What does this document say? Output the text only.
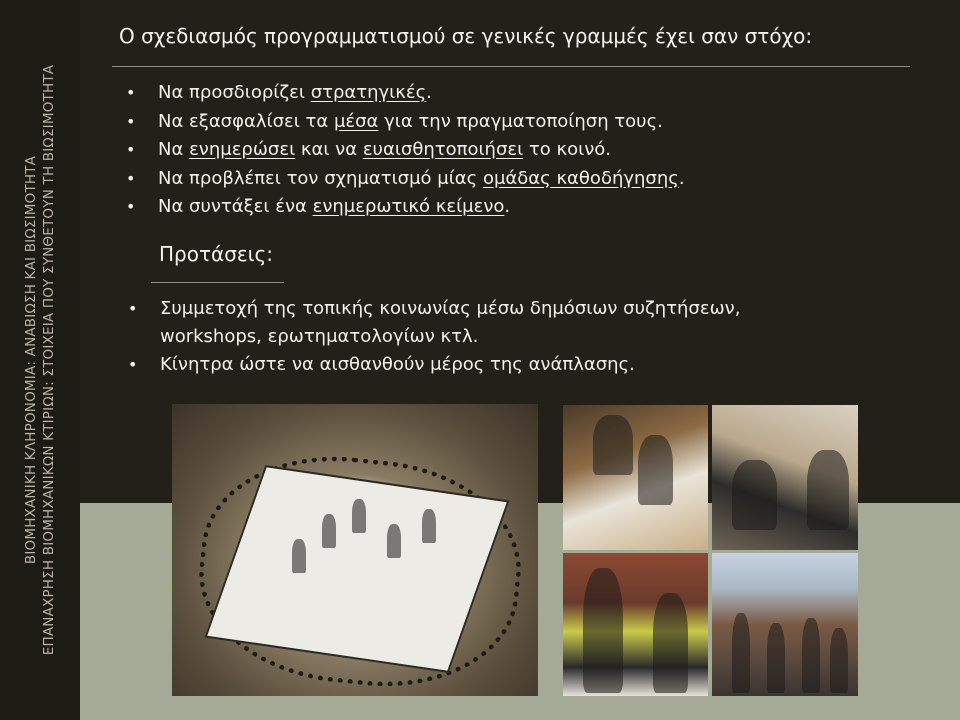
ΒΙΟΜΗΧΑΝΙΚΗ ΚΛΗΡΟΝΟΜΙΑ: ΑΝΑΒΙΩΣΗ ΚΑΙ ΒΙΩΣΙΜΟΤΗΤΑ ΕΠΑΝΑΧΡΗΣΗ ΒΙΟΜΗΧΑΝΙΚΩΝ ΚΤΙΡΙΩΝ: ΣΤΟΙΧΕΙΑ ΠΟΥ ΣΥΝΘΕΤΟΥΝ ΤΗ ΒΙΩΣΙΜΟΤΗΤΑ
Ο σχεδιασμός προγραμματισμού σε γενικές γραμμές έχει σαν στόχο:
• Να προσδιορίζει στρατηγικές.
• Να εξασφαλίσει τα μέσα για την πραγματοποίηση τους.
• Να ενημερώσει και να ευαισθητοποιήσει το κοινό.
• Να προβλέπει τον σχηματισμό μίας ομάδας καθοδήγησης.
• Να συντάξει ένα ενημερωτικό κείμενο.
Προτάσεις:
• Συμμετοχή της τοπικής κοινωνίας μέσω δημόσιων συζητήσεων,
workshops, ερωτηματολογίων κτλ.
• Κίνητρα ώστε να αισθανθούν μέρος της ανάπλασης.
